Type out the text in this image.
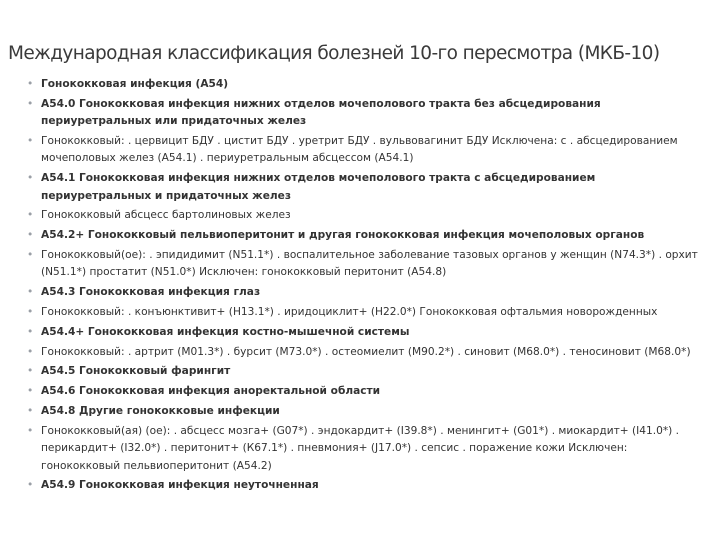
Международная классификация болезней 10-го пересмотра (МКБ-10)
• Гонококковая инфекция (А54)
• А54.0 Гонококковая инфекция нижних отделов мочеполового тракта без абсцедирования периуретральных или придаточных желез
• Гонококковый: . цервицит БДУ . цистит БДУ . уретрит БДУ . вульвовагинит БДУ Исключена: с . абсцедированием мочеполовых желез (А54.1) . периуретральным абсцессом (А54.1)
• А54.1 Гонококковая инфекция нижних отделов мочеполового тракта с абсцедированием периуретральных и придаточных желез
• Гонококковый абсцесс бартолиновых желез
• А54.2+ Гонококковый пельвиоперитонит и другая гонококковая инфекция мочеполовых органов
• Гонококковый(ое): . эпидидимит (N51.1*) . воспалительное заболевание тазовых органов у женщин (N74.3*) . орхит (N51.1*) простатит (N51.0*) Исключен: гонококковый перитонит (А54.8)
• А54.3 Гонококковая инфекция глаз
• Гонококковый: . конъюнктивит+ (Н13.1*) . иридоциклит+ (Н22.0*) Гонококковая офтальмия новорожденных
• А54.4+ Гонококковая инфекция костно-мышечной системы
• Гонококковый: . артрит (М01.3*) . бурсит (М73.0*) . остеомиелит (М90.2*) . синовит (М68.0*) . теносиновит (М68.0*)
• А54.5 Гонококковый фарингит
• А54.6 Гонококковая инфекция аноректальной области
• А54.8 Другие гонококковые инфекции
• Гонококковый(ая) (ое): . абсцесс мозга+ (G07*) . эндокардит+ (I39.8*) . менингит+ (G01*) . миокардит+ (I41.0*) . перикардит+ (I32.0*) . перитонит+ (К67.1*) . пневмония+ (J17.0*) . сепсис . поражение кожи Исключен: гонококковый пельвиоперитонит (А54.2)
• А54.9 Гонококковая инфекция неуточненная
